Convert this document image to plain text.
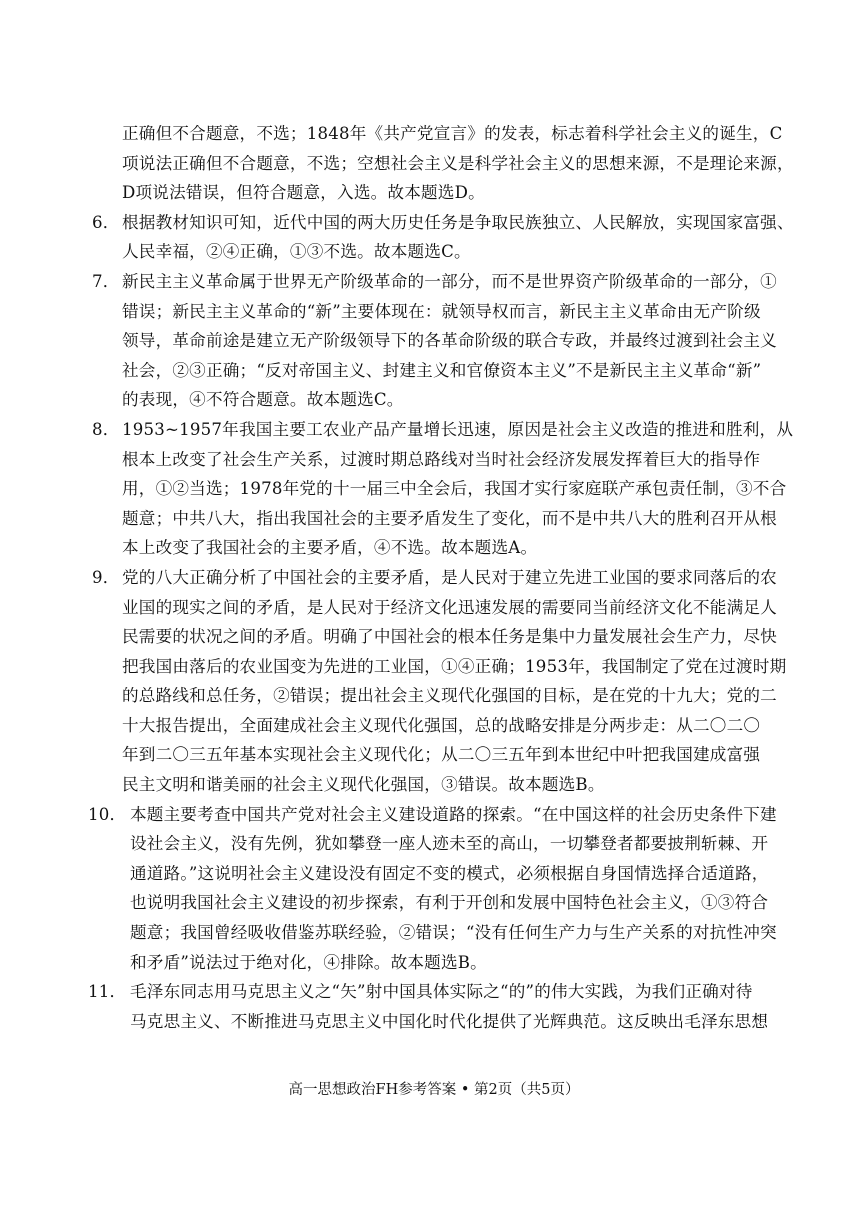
正确但不合题意，不选；1848年《共产党宣言》的发表，标志着科学社会主义的诞生，C
项说法正确但不合题意，不选；空想社会主义是科学社会主义的思想来源，不是理论来源，
D项说法错误，但符合题意，入选。故本题选D。
6． 根据教材知识可知，近代中国的两大历史任务是争取民族独立、人民解放，实现国家富强、
人民幸福，②④正确，①③不选。故本题选C。
7． 新民主主义革命属于世界无产阶级革命的一部分，而不是世界资产阶级革命的一部分，①
错误；新民主主义革命的“新”主要体现在：就领导权而言，新民主主义革命由无产阶级
领导，革命前途是建立无产阶级领导下的各革命阶级的联合专政，并最终过渡到社会主义
社会，②③正确；“反对帝国主义、封建主义和官僚资本主义”不是新民主主义革命“新”
的表现，④不符合题意。故本题选C。
8． 1953~1957年我国主要工农业产品产量增长迅速，原因是社会主义改造的推进和胜利，从
根本上改变了社会生产关系，过渡时期总路线对当时社会经济发展发挥着巨大的指导作
用，①②当选；1978年党的十一届三中全会后，我国才实行家庭联产承包责任制，③不合
题意；中共八大，指出我国社会的主要矛盾发生了变化，而不是中共八大的胜利召开从根
本上改变了我国社会的主要矛盾，④不选。故本题选A。
9． 党的八大正确分析了中国社会的主要矛盾，是人民对于建立先进工业国的要求同落后的农
业国的现实之间的矛盾，是人民对于经济文化迅速发展的需要同当前经济文化不能满足人
民需要的状况之间的矛盾。明确了中国社会的根本任务是集中力量发展社会生产力，尽快
把我国由落后的农业国变为先进的工业国，①④正确；1953年，我国制定了党在过渡时期
的总路线和总任务，②错误；提出社会主义现代化强国的目标，是在党的十九大；党的二
十大报告提出，全面建成社会主义现代化强国，总的战略安排是分两步走：从二〇二〇
年到二〇三五年基本实现社会主义现代化；从二〇三五年到本世纪中叶把我国建成富强
民主文明和谐美丽的社会主义现代化强国，③错误。故本题选B。
10． 本题主要考查中国共产党对社会主义建设道路的探索。“在中国这样的社会历史条件下建
设社会主义，没有先例，犹如攀登一座人迹未至的高山，一切攀登者都要披荆斩棘、开
通道路。”这说明社会主义建设没有固定不变的模式，必须根据自身国情选择合适道路，
也说明我国社会主义建设的初步探索，有利于开创和发展中国特色社会主义，①③符合
题意；我国曾经吸收借鉴苏联经验，②错误；“没有任何生产力与生产关系的对抗性冲突
和矛盾”说法过于绝对化，④排除。故本题选B。
11． 毛泽东同志用马克思主义之“矢”射中国具体实际之“的”的伟大实践，为我们正确对待
马克思主义、不断推进马克思主义中国化时代化提供了光辉典范。这反映出毛泽东思想
高一思想政治FH参考答案 • 第2页（共5页）
